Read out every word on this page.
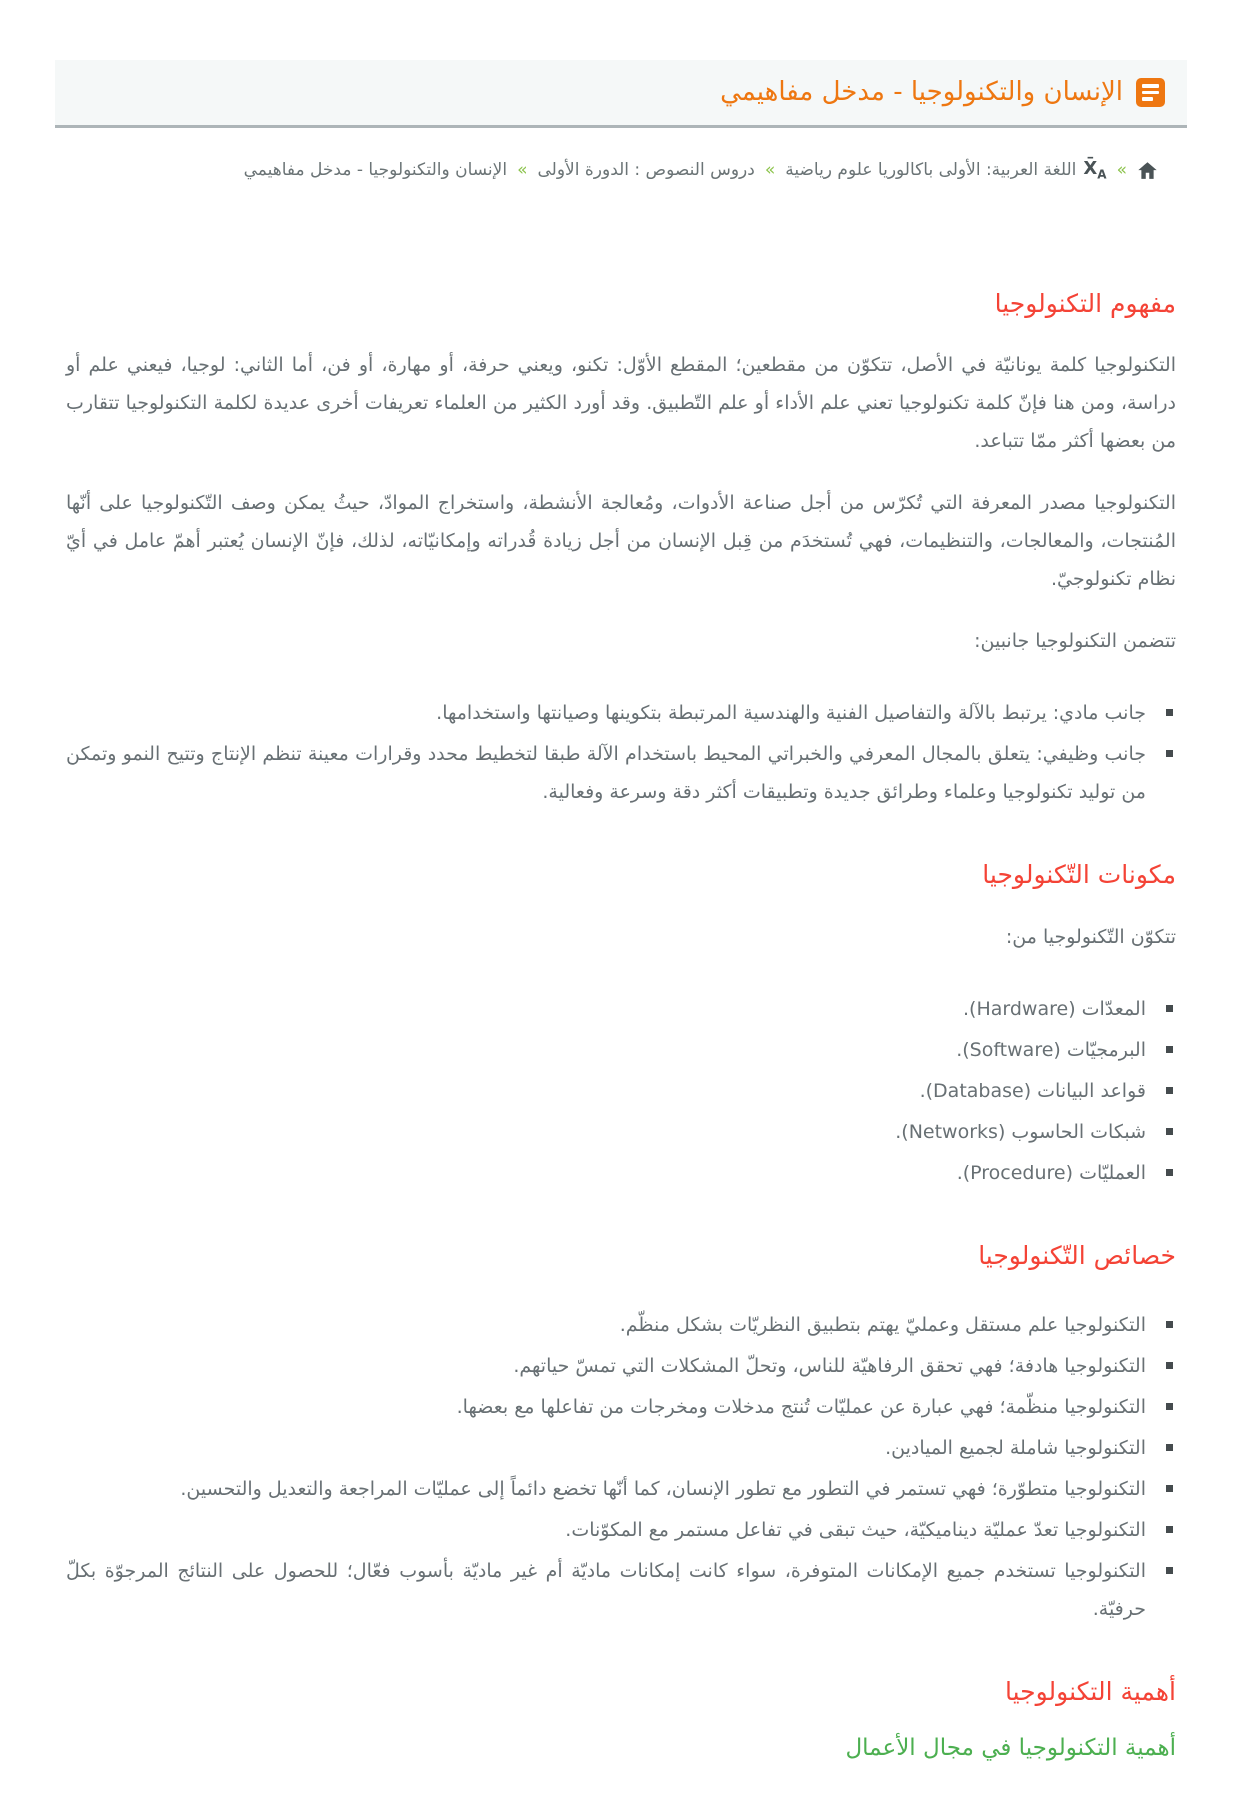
الإنسان والتكنولوجيا - مدخل مفاهيمي
«
$X̄_A$
اللغة العربية: الأولى باكالوريا علوم رياضية
«
دروس النصوص : الدورة الأولى
«
الإنسان والتكنولوجيا - مدخل مفاهيمي
مفهوم التكنولوجيا

التكنولوجيا كلمة يونانيّة في الأصل، تتكوّن من مقطعين؛ المقطع الأوّل: تكنو، ويعني حرفة، أو مهارة، أو فن، أما الثاني: لوجيا، فيعني علم أو دراسة، ومن هنا فإنّ كلمة تكنولوجيا تعني علم الأداء أو علم التّطبيق. وقد أورد الكثير من العلماء تعريفات أخرى عديدة لكلمة التكنولوجيا تتقارب من بعضها أكثر ممّا تتباعد.

التكنولوجيا مصدر المعرفة التي تُكرّس من أجل صناعة الأدوات، ومُعالجة الأنشطة، واستخراج الموادّ، حيثُ يمكن وصف التّكنولوجيا على أنّها المُنتجات، والمعالجات، والتنظيمات، فهي تُستخدَم من قِبل الإنسان من أجل زيادة قُدراته وإمكانيّاته، لذلك، فإنّ الإنسان يُعتبر أهمّ عامل في أيّ نظام تكنولوجيّ.

تتضمن التكنولوجيا جانبين:

جانب مادي: يرتبط بالآلة والتفاصيل الفنية والهندسية المرتبطة بتكوينها وصيانتها واستخدامها.
جانب وظيفي: يتعلق بالمجال المعرفي والخبراتي المحيط باستخدام الآلة طبقا لتخطيط محدد وقرارات معينة تنظم الإنتاج وتتيح النمو وتمكن من توليد تكنولوجيا وعلماء وطرائق جديدة وتطبيقات أكثر دقة وسرعة وفعالية.
مكونات التّكنولوجيا

تتكوّن التّكنولوجيا من:

المعدّات (Hardware).
البرمجيّات (Software).
قواعد البيانات (Database).
شبكات الحاسوب (Networks).
العمليّات (Procedure).
خصائص التّكنولوجيا
التكنولوجيا علم مستقل وعمليّ يهتم بتطبيق النظريّات بشكل منظّم.
التكنولوجيا هادفة؛ فهي تحقق الرفاهيّة للناس، وتحلّ المشكلات التي تمسّ حياتهم.
التكنولوجيا منظّمة؛ فهي عبارة عن عمليّات تُنتج مدخلات ومخرجات من تفاعلها مع بعضها.
التكنولوجيا شاملة لجميع الميادين.
التكنولوجيا متطوّرة؛ فهي تستمر في التطور مع تطور الإنسان، كما أنّها تخضع دائماً إلى عمليّات المراجعة والتعديل والتحسين.
التكنولوجيا تعدّ عمليّة ديناميكيّة، حيث تبقى في تفاعل مستمر مع المكوّنات.
التكنولوجيا تستخدم جميع الإمكانات المتوفرة، سواء كانت إمكانات ماديّة أم غير ماديّة بأسوب فعّال؛ للحصول على النتائج المرجوّة بكلّ حرفيّة.
أهمية التكنولوجيا
أهمية التكنولوجيا في مجال الأعمال
